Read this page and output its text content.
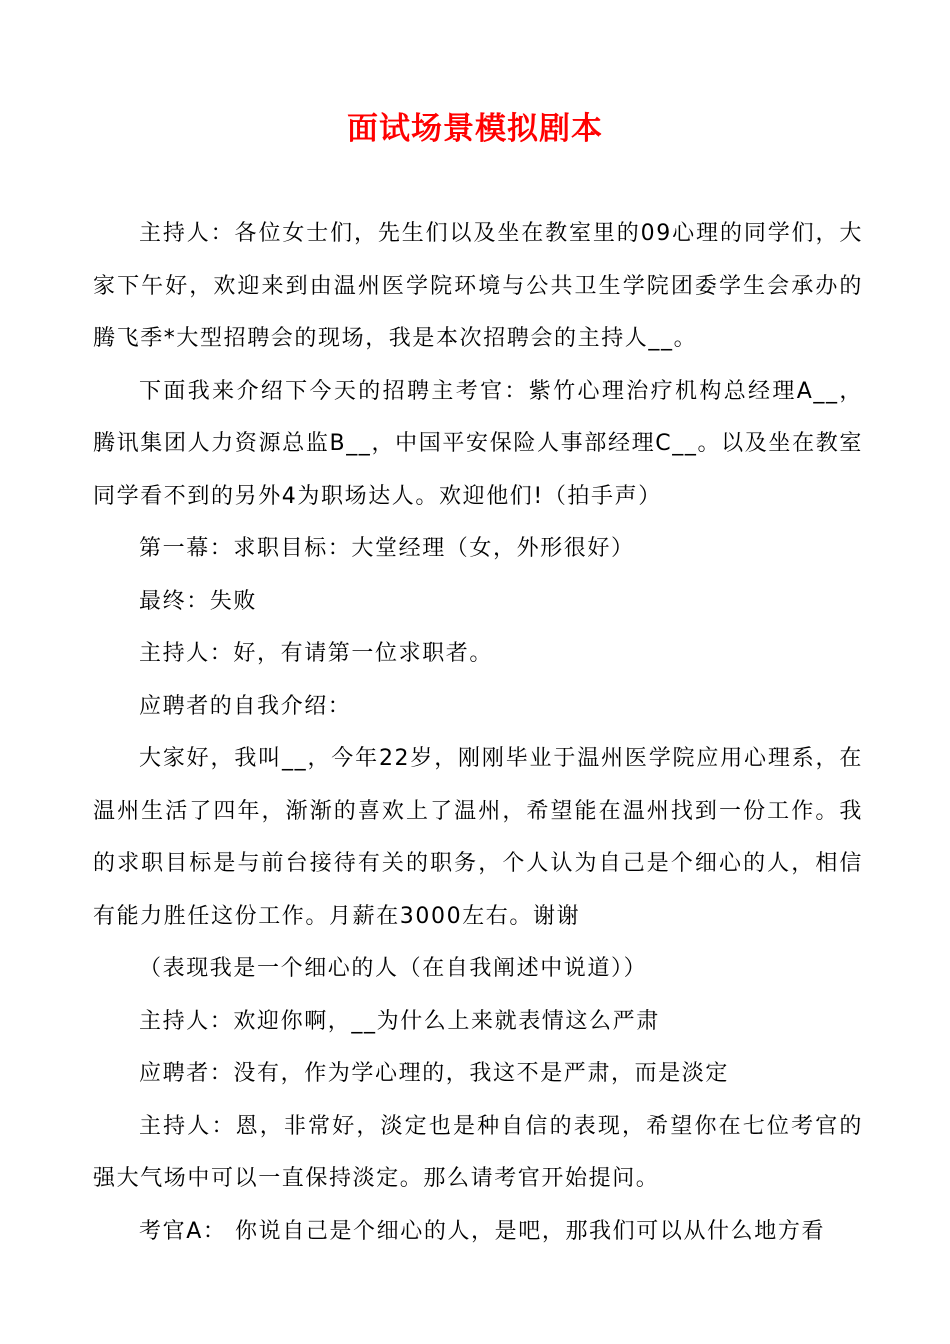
面试场景模拟剧本

主持人：各位女士们，先生们以及坐在教室里的09心理的同学们，大家下午好，欢迎来到由温州医学院环境与公共卫生学院团委学生会承办的腾飞季*大型招聘会的现场，我是本次招聘会的主持人__。

下面我来介绍下今天的招聘主考官：紫竹心理治疗机构总经理A__，腾讯集团人力资源总监B__，中国平安保险人事部经理C__。以及坐在教室同学看不到的另外4为职场达人。欢迎他们!（拍手声）

第一幕：求职目标：大堂经理（女，外形很好）

最终：失败

主持人：好，有请第一位求职者。

应聘者的自我介绍：

大家好，我叫__，今年22岁，刚刚毕业于温州医学院应用心理系，在温州生活了四年，渐渐的喜欢上了温州，希望能在温州找到一份工作。我的求职目标是与前台接待有关的职务，个人认为自己是个细心的人，相信有能力胜任这份工作。月薪在3000左右。谢谢

（表现我是一个细心的人（在自我阐述中说道））

主持人：欢迎你啊，__为什么上来就表情这么严肃

应聘者：没有，作为学心理的，我这不是严肃，而是淡定

主持人：恩，非常好，淡定也是种自信的表现，希望你在七位考官的强大气场中可以一直保持淡定。那么请考官开始提问。

考官A： 你说自己是个细心的人，是吧，那我们可以从什么地方看
